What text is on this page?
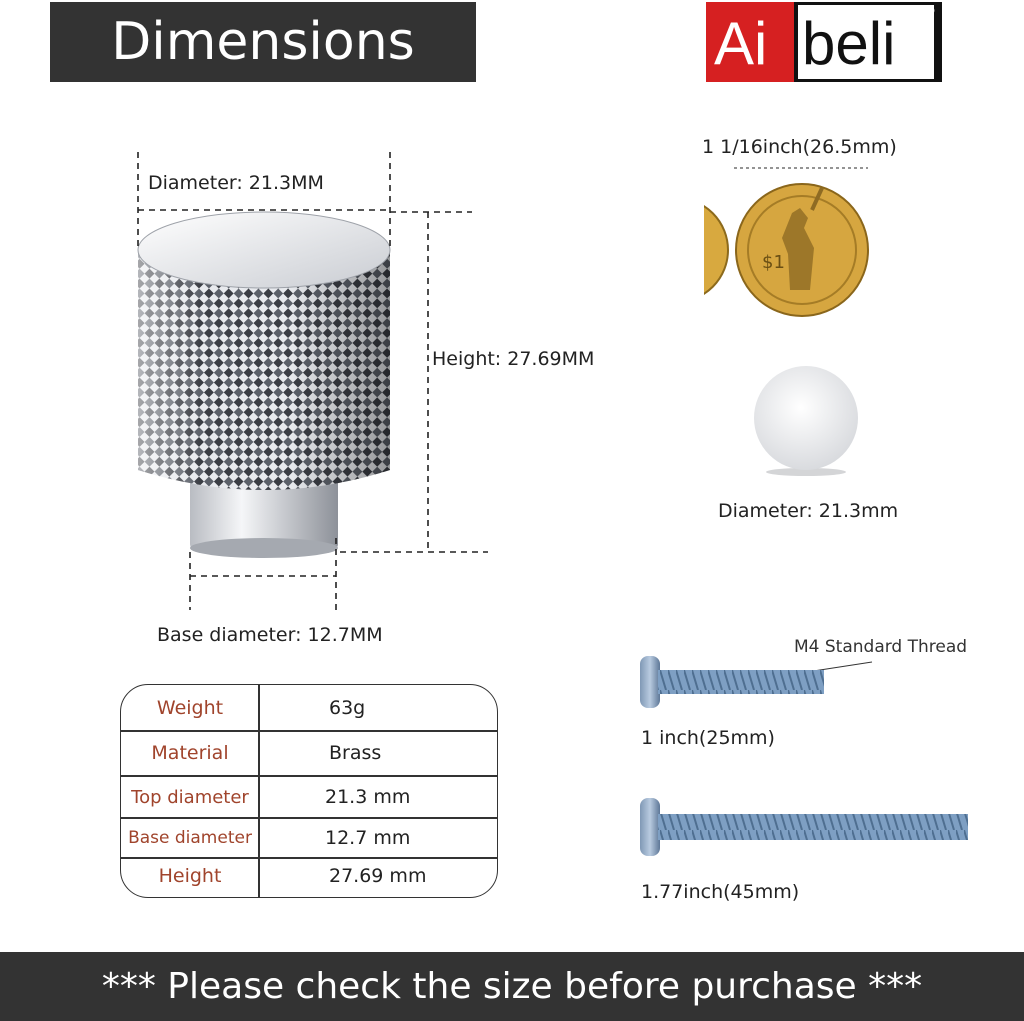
Dimensions	Ai beli ®
Diameter: 21.3MM
Height: 27.69MM
Base diameter: 12.7MM
1 1/16inch(26.5mm)
$1
Diameter: 21.3mm
M4 Standard Thread
1 inch(25mm)
1.77inch(45mm)
Weight	63g
Material	Brass
Top diameter	21.3 mm
Base diameter	12.7 mm
Height	27.69 mm
*** Please check the size before purchase ***
